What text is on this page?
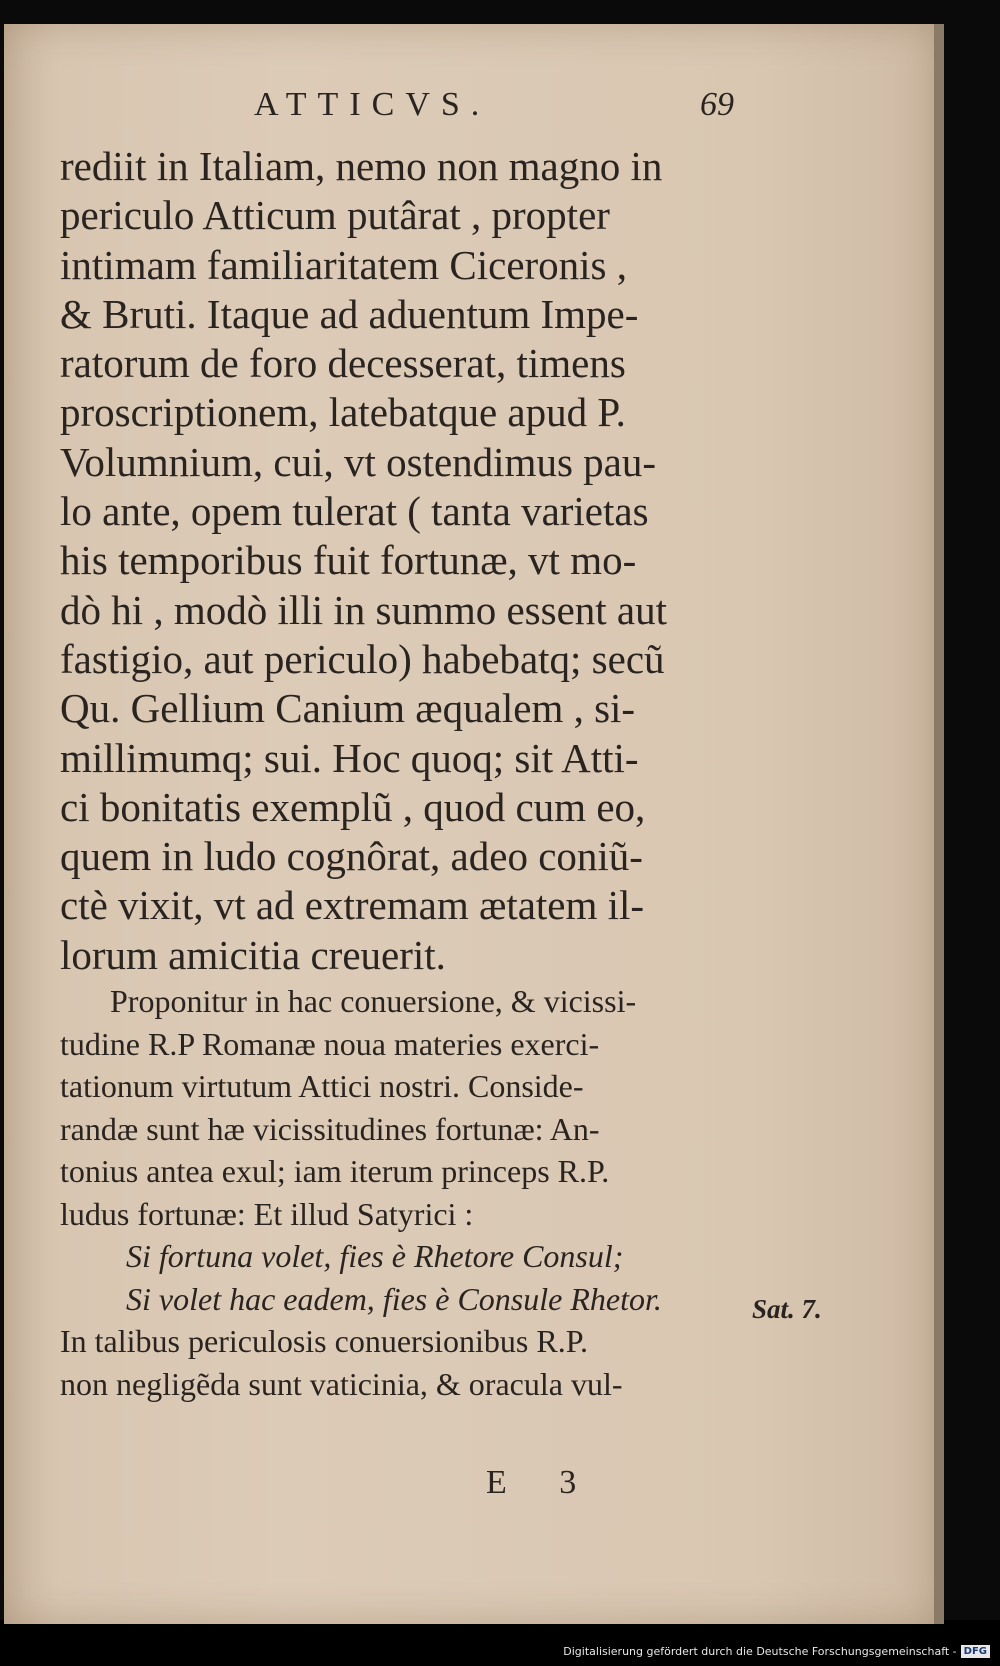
ATTICVS.	69
rediit in Italiam, nemo non magno in
periculo Atticum putârat , propter
intimam familiaritatem Ciceronis ,
& Bruti. Itaque ad aduentum Impe-
ratorum de foro decesserat, timens
proscriptionem, latebatque apud P.
Volumnium, cui, vt ostendimus pau-
lo ante, opem tulerat ( tanta varietas
his temporibus fuit fortunæ, vt mo-
dò hi , modò illi in summo essent aut
fastigio, aut periculo) habebatq; secũ
Qu. Gellium Canium æqualem , si-
millimumq; sui. Hoc quoq; sit Atti-
ci bonitatis exemplũ , quod cum eo,
quem in ludo cognôrat, adeo coniũ-
ctè vixit, vt ad extremam ætatem il-
lorum amicitia creuerit.
Proponitur in hac conuersione, & vicissi-
tudine R.P Romanæ noua materies exerci-
tationum virtutum Attici nostri. Conside-
randæ sunt hæ vicissitudines fortunæ: An-
tonius antea exul; iam iterum princeps R.P.
ludus fortunæ: Et illud Satyrici :
Si fortuna volet, fies è Rhetore Consul;
Si volet hac eadem, fies è Consule Rhetor.
In talibus periculosis conuersionibus R.P.
non negligẽda sunt vaticinia, & oracula vul-
Sat. 7.
E 3
Digitalisierung gefördert durch die Deutsche Forschungsgemeinschaft - DFG
